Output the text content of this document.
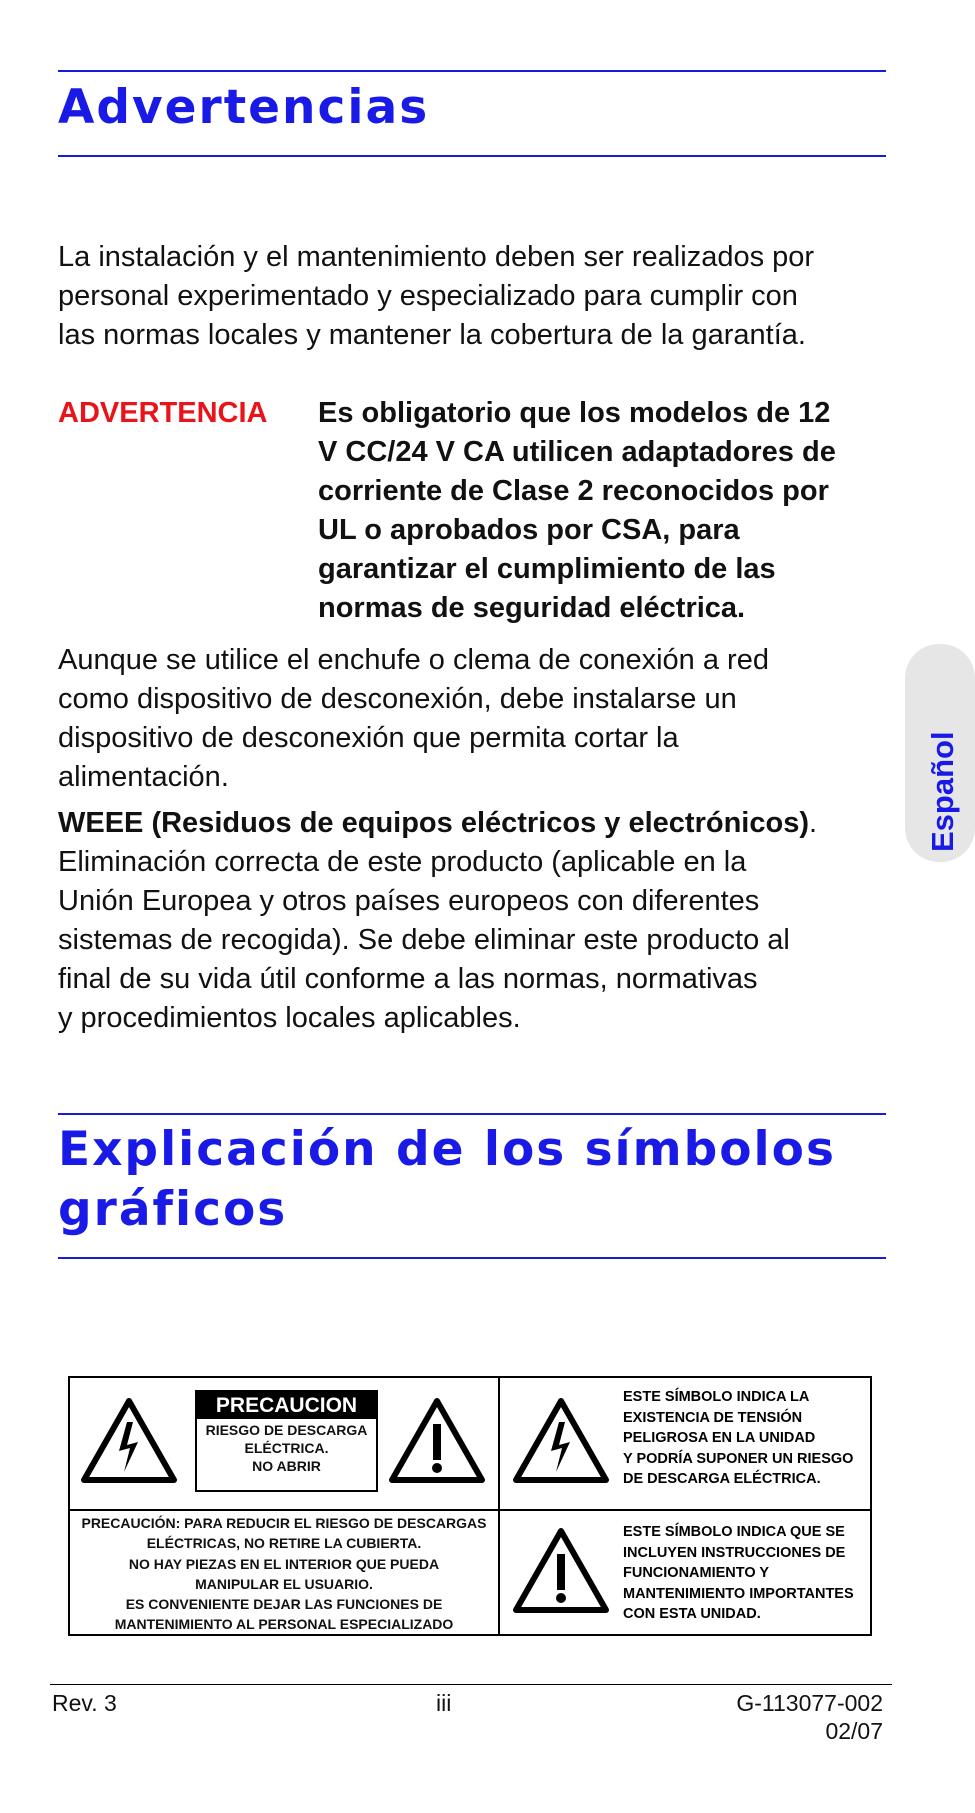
Advertencias

La instalación y el mantenimiento deben ser realizados por
personal experimentado y especializado para cumplir con
las normas locales y mantener la cobertura de la garantía.

ADVERTENCIA Es obligatorio que los modelos de 12
V CC/24 V CA utilicen adaptadores de
corriente de Clase 2 reconocidos por
UL o aprobados por CSA, para
garantizar el cumplimiento de las
normas de seguridad eléctrica.

Aunque se utilice el enchufe o clema de conexión a red
como dispositivo de desconexión, debe instalarse un
dispositivo de desconexión que permita cortar la
alimentación.

WEEE (Residuos de equipos eléctricos y electrónicos).
Eliminación correcta de este producto (aplicable en la
Unión Europea y otros países europeos con diferentes
sistemas de recogida). Se debe eliminar este producto al
final de su vida útil conforme a las normas, normativas
y procedimientos locales aplicables.

Español
Explicación de los símbolos
gráficos
PRECAUCION
RIESGO DE DESCARGA
ELÉCTRICA.
NO ABRIR

ESTE SÍMBOLO INDICA LA
EXISTENCIA DE TENSIÓN
PELIGROSA EN LA UNIDAD
Y PODRÍA SUPONER UN RIESGO
DE DESCARGA ELÉCTRICA.

PRECAUCIÓN: PARA REDUCIR EL RIESGO DE DESCARGAS
ELÉCTRICAS, NO RETIRE LA CUBIERTA.
NO HAY PIEZAS EN EL INTERIOR QUE PUEDA
MANIPULAR EL USUARIO.
ES CONVENIENTE DEJAR LAS FUNCIONES DE
MANTENIMIENTO AL PERSONAL ESPECIALIZADO

ESTE SÍMBOLO INDICA QUE SE
INCLUYEN INSTRUCCIONES DE
FUNCIONAMIENTO Y
MANTENIMIENTO IMPORTANTES
CON ESTA UNIDAD.

Rev. 3	iii	G-113077-002
02/07
